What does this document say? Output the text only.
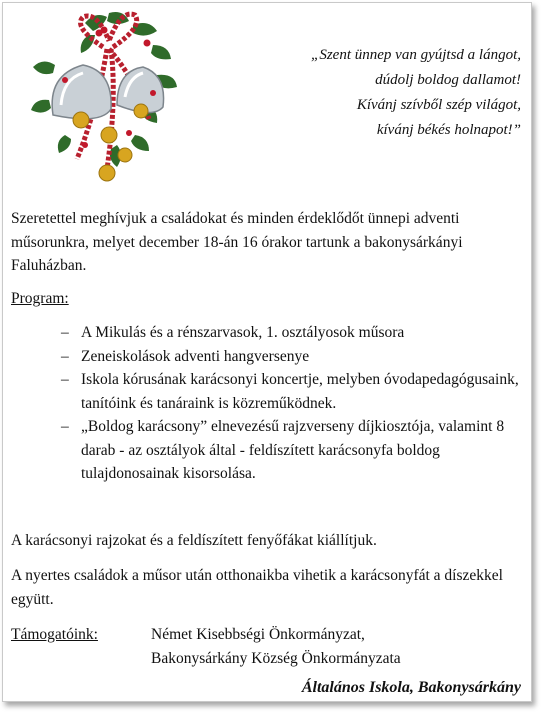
„Szent ünnep van gyújtsd a lángot,
dúdolj boldog dallamot!
Kívánj szívből szép világot,
kívánj békés holnapot!”
Szeretettel meghívjuk a családokat és minden érdeklődőt ünnepi adventi műsorunkra, melyet december 18-án 16 órakor tartunk a bakonysárkányi Faluházban.
Program:
– A Mikulás és a rénszarvasok, 1. osztályosok műsora
– Zeneiskolások adventi hangversenye
– Iskola kórusának karácsonyi koncertje, melyben óvodapedagógusaink, tanítóink és tanáraink is közreműködnek.
– „Boldog karácsony” elnevezésű rajzverseny díjkiosztója, valamint 8 darab - az osztályok által - feldíszített karácsonyfa boldog tulajdonosainak kisorsolása.
A karácsonyi rajzokat és a feldíszített fenyőfákat kiállítjuk.
A nyertes családok a műsor után otthonaikba vihetik a karácsonyfát a díszekkel együtt.
Támogatóink:	Német Kisebbségi Önkormányzat,
Bakonysárkány Község Önkormányzata
Általános Iskola, Bakonysárkány
